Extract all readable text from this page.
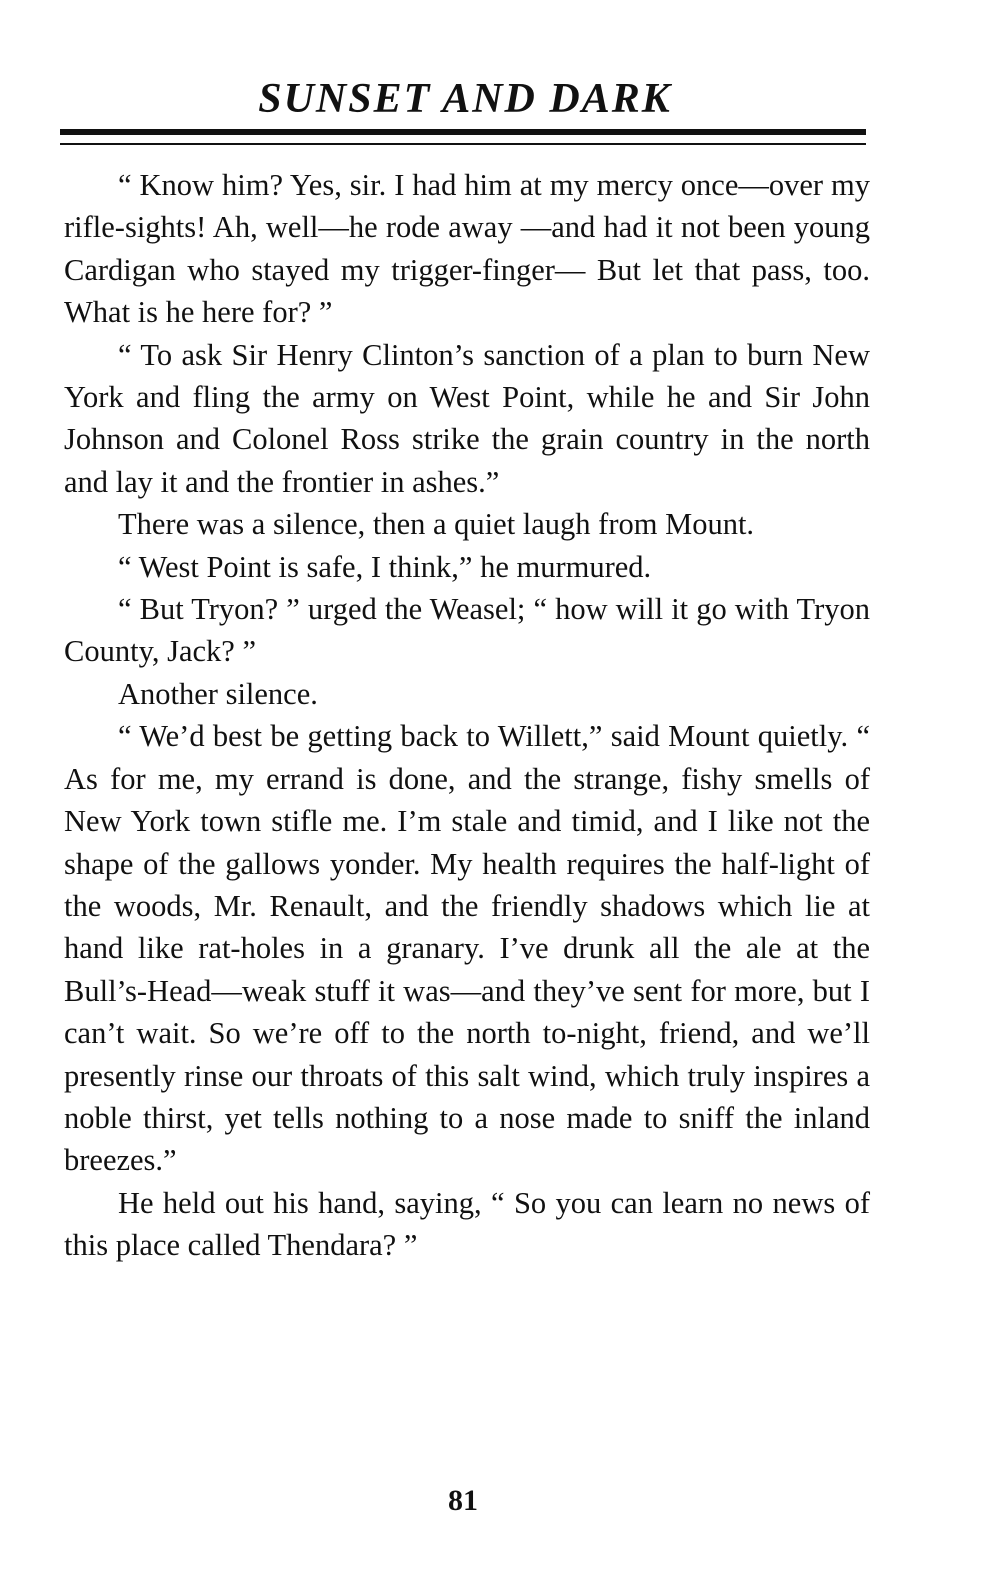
SUNSET AND DARK

“ Know him? Yes, sir. I had him at my mercy once—over my rifle-sights! Ah, well—he rode away —and had it not been young Cardigan who stayed my trigger-finger— But let that pass, too. What is he here for? ”

“ To ask Sir Henry Clinton’s sanction of a plan to burn New York and fling the army on West Point, while he and Sir John Johnson and Colonel Ross strike the grain country in the north and lay it and the frontier in ashes.”

There was a silence, then a quiet laugh from Mount.

“ West Point is safe, I think,” he murmured.

“ But Tryon? ” urged the Weasel; “ how will it go with Tryon County, Jack? ”

Another silence.

“ We’d best be getting back to Willett,” said Mount quietly. “ As for me, my errand is done, and the strange, fishy smells of New York town stifle me. I’m stale and timid, and I like not the shape of the gallows yonder. My health requires the half-light of the woods, Mr. Renault, and the friendly shadows which lie at hand like rat-holes in a granary. I’ve drunk all the ale at the Bull’s-Head—weak stuff it was—and they’ve sent for more, but I can’t wait. So we’re off to the north to-night, friend, and we’ll presently rinse our throats of this salt wind, which truly inspires a noble thirst, yet tells nothing to a nose made to sniff the inland breezes.”

He held out his hand, saying, “ So you can learn no news of this place called Thendara? ”

81
